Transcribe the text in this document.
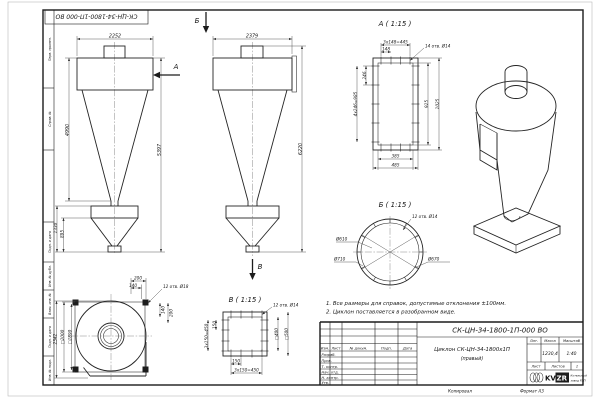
Перв. примен.
Справ. №
Подп. и дата
Инв. № дубл.
Взам. инв. №
Подп. и дата
Инв. № подл.
СК-ЦН-34-1800-1П-000 ВО
Копировал	Формат А3
2252
4990
5397
1330
895
А
Б
2379
6220
В
А ( 1:15 )
14 отв. Ø14
3х148=445
148
246
4х246=985	925 1025
385
485
Б ( 1:15 )
12 отв. Ø14
Ø610
Ø710	Ø670
В ( 1:15 )
12 отв. Ø14
150
3х150=450
150
3х150=450
□400 □500
200
140	12 отв. Ø18
140 200
2342 □2000 □1890
1. Все размеры для справок, допустимые отклонения ±100мм.
2. Циклон поставляется в разобранном виде.
Изм. Лист	№ докум.	Подп.	Дата
Разраб.
Пров.
Т. контр.
Нач. отд.
Н. контр.
Утв.
СК-ЦН-34-1800-1П-000 ВО
Циклон СК-ЦН-34-1800х1П
(правый)
Лит. Масса Масштаб
1230,4 1:40
Лист	Листов	1
KV ZR Котельный
завод РЭП
